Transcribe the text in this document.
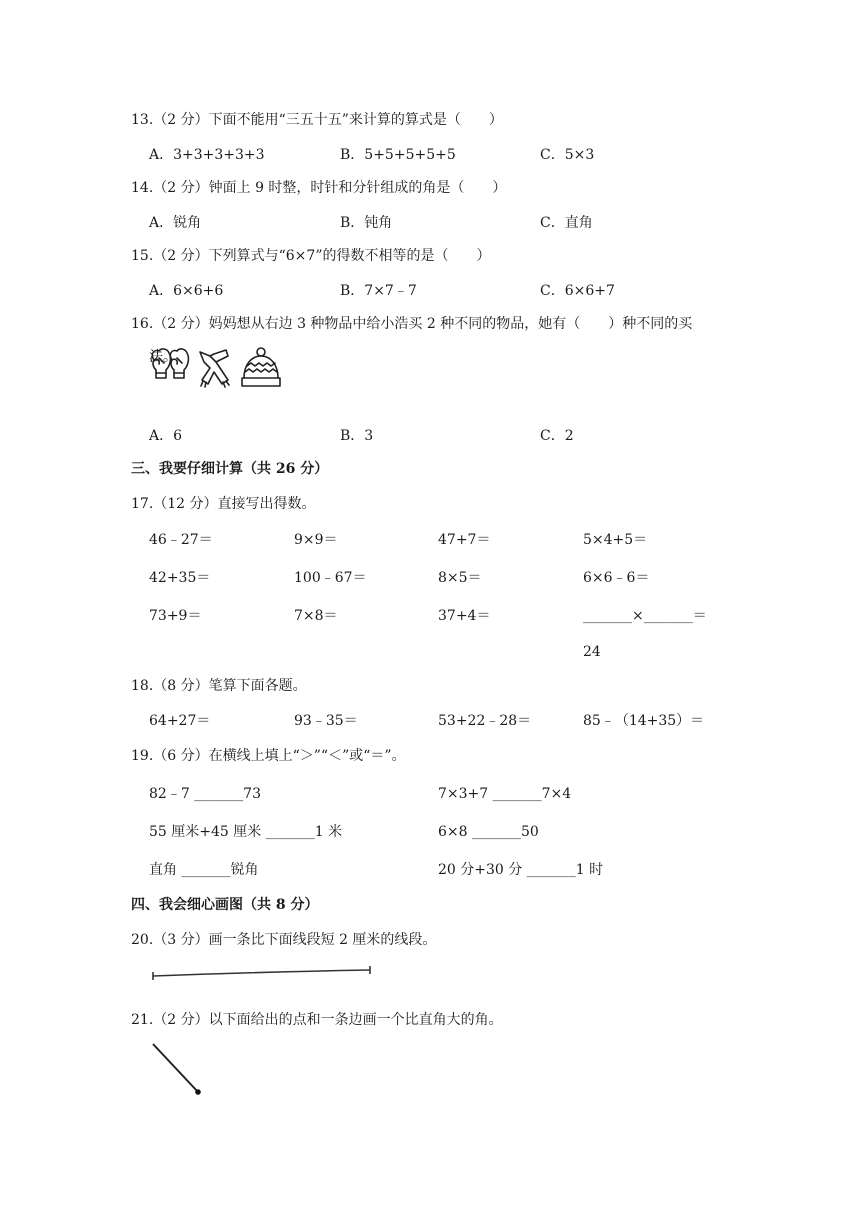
13.（2 分）下面不能用“三五十五”来计算的算式是（　　）
A．3+3+3+3+3	B．5+5+5+5+5	C．5×3
14.（2 分）钟面上 9 时整，时针和分针组成的角是（　　）
A．锐角	B．钝角	C．直角
15.（2 分）下列算式与“6×7”的得数不相等的是（　　）
A．6×6+6	B．7×7﹣7	C．6×6+7
16.（2 分）妈妈想从右边 3 种物品中给小浩买 2 种不同的物品，她有（　　）种不同的买
法。
A．6	B．3	C．2
三、我要仔细计算（共 26 分）
17.（12 分）直接写出得数。
46﹣27＝	9×9＝	47+7＝	5×4+5＝
42+35＝	100﹣67＝	8×5＝	6×6﹣6＝
73+9＝	7×8＝	37+4＝	_______×_______＝
24
18.（8 分）笔算下面各题。
64+27＝	93﹣35＝	53+22﹣28＝	85﹣（14+35）＝
19.（6 分）在横线上填上“＞”“＜”或“＝”。
82﹣7 _______73	7×3+7 _______7×4
55 厘米+45 厘米 _______1 米	6×8 _______50
直角 _______锐角	20 分+30 分 _______1 时
四、我会细心画图（共 8 分）
20.（3 分）画一条比下面线段短 2 厘米的线段。
21.（2 分）以下面给出的点和一条边画一个比直角大的角。
